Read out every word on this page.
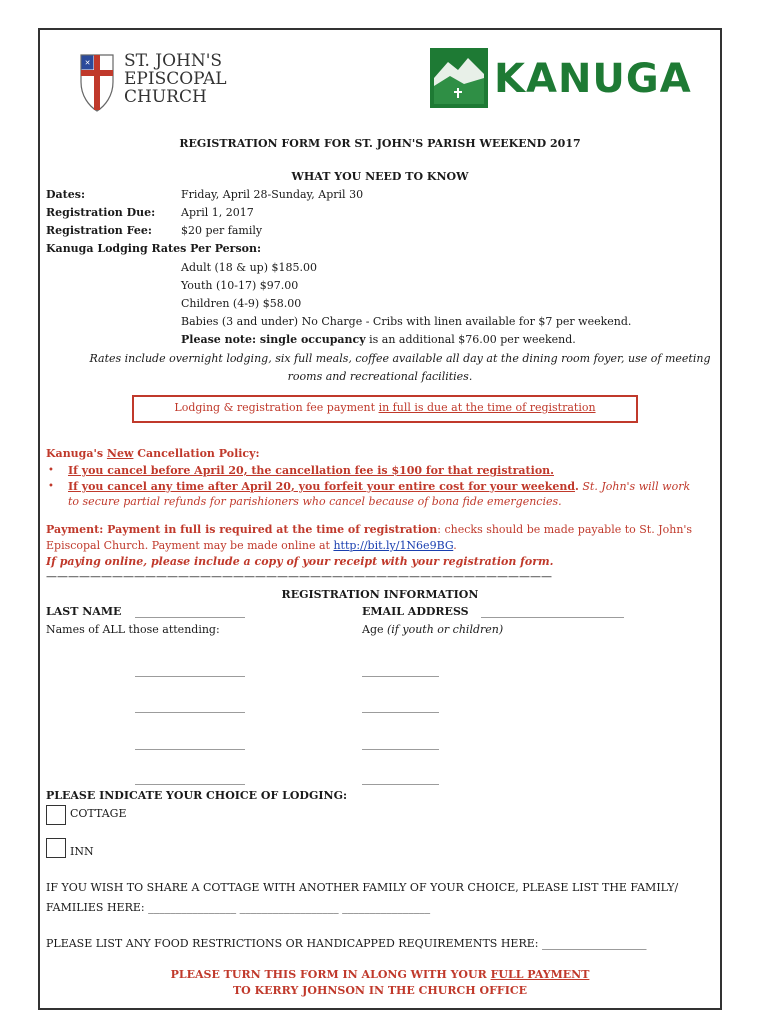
✕ ST. JOHN'S
EPISCOPAL
CHURCH	KANUGA
REGISTRATION FORM FOR ST. JOHN'S PARISH WEEKEND 2017
WHAT YOU NEED TO KNOW
Dates:	Friday, April 28-Sunday, April 30
Registration Due: April 1, 2017
Registration Fee:	$20 per family
Kanuga Lodging Rates Per Person:
Adult (18 & up) $185.00
Youth (10-17) $97.00
Children (4-9) $58.00
Babies (3 and under) No Charge - Cribs with linen available for $7 per weekend.
Please note: single occupancy is an additional $76.00 per weekend.
Rates include overnight lodging, six full meals, coffee available all day at the dining room foyer, use of meeting
rooms and recreational facilities.
Lodging & registration fee payment in full is due at the time of registration
Kanuga's New Cancellation Policy:
• If you cancel before April 20, the cancellation fee is $100 for that registration.
• If you cancel any time after April 20, you forfeit your entire cost for your weekend. St. John's will work
to secure partial refunds for parishioners who cancel because of bona fide emergencies.
Payment: Payment in full is required at the time of registration: checks should be made payable to St. John's
Episcopal Church. Payment may be made online at http://bit.ly/1N6e9BG.
If paying online, please include a copy of your receipt with your registration form.
——————————————————————————————————————————————
REGISTRATION INFORMATION
LAST NAME ____________________	EMAIL ADDRESS __________________________
Names of ALL those attending:	Age (if youth or children)
____________________	______________
____________________	______________
____________________	______________
____________________	______________
PLEASE INDICATE YOUR CHOICE OF LODGING:
COTTAGE
INN
IF YOU WISH TO SHARE A COTTAGE WITH ANOTHER FAMILY OF YOUR CHOICE, PLEASE LIST THE FAMILY/
FAMILIES HERE: ________________ __________________ ________________
PLEASE LIST ANY FOOD RESTRICTIONS OR HANDICAPPED REQUIREMENTS HERE: ___________________
PLEASE TURN THIS FORM IN ALONG WITH YOUR FULL PAYMENT
TO KERRY JOHNSON IN THE CHURCH OFFICE
